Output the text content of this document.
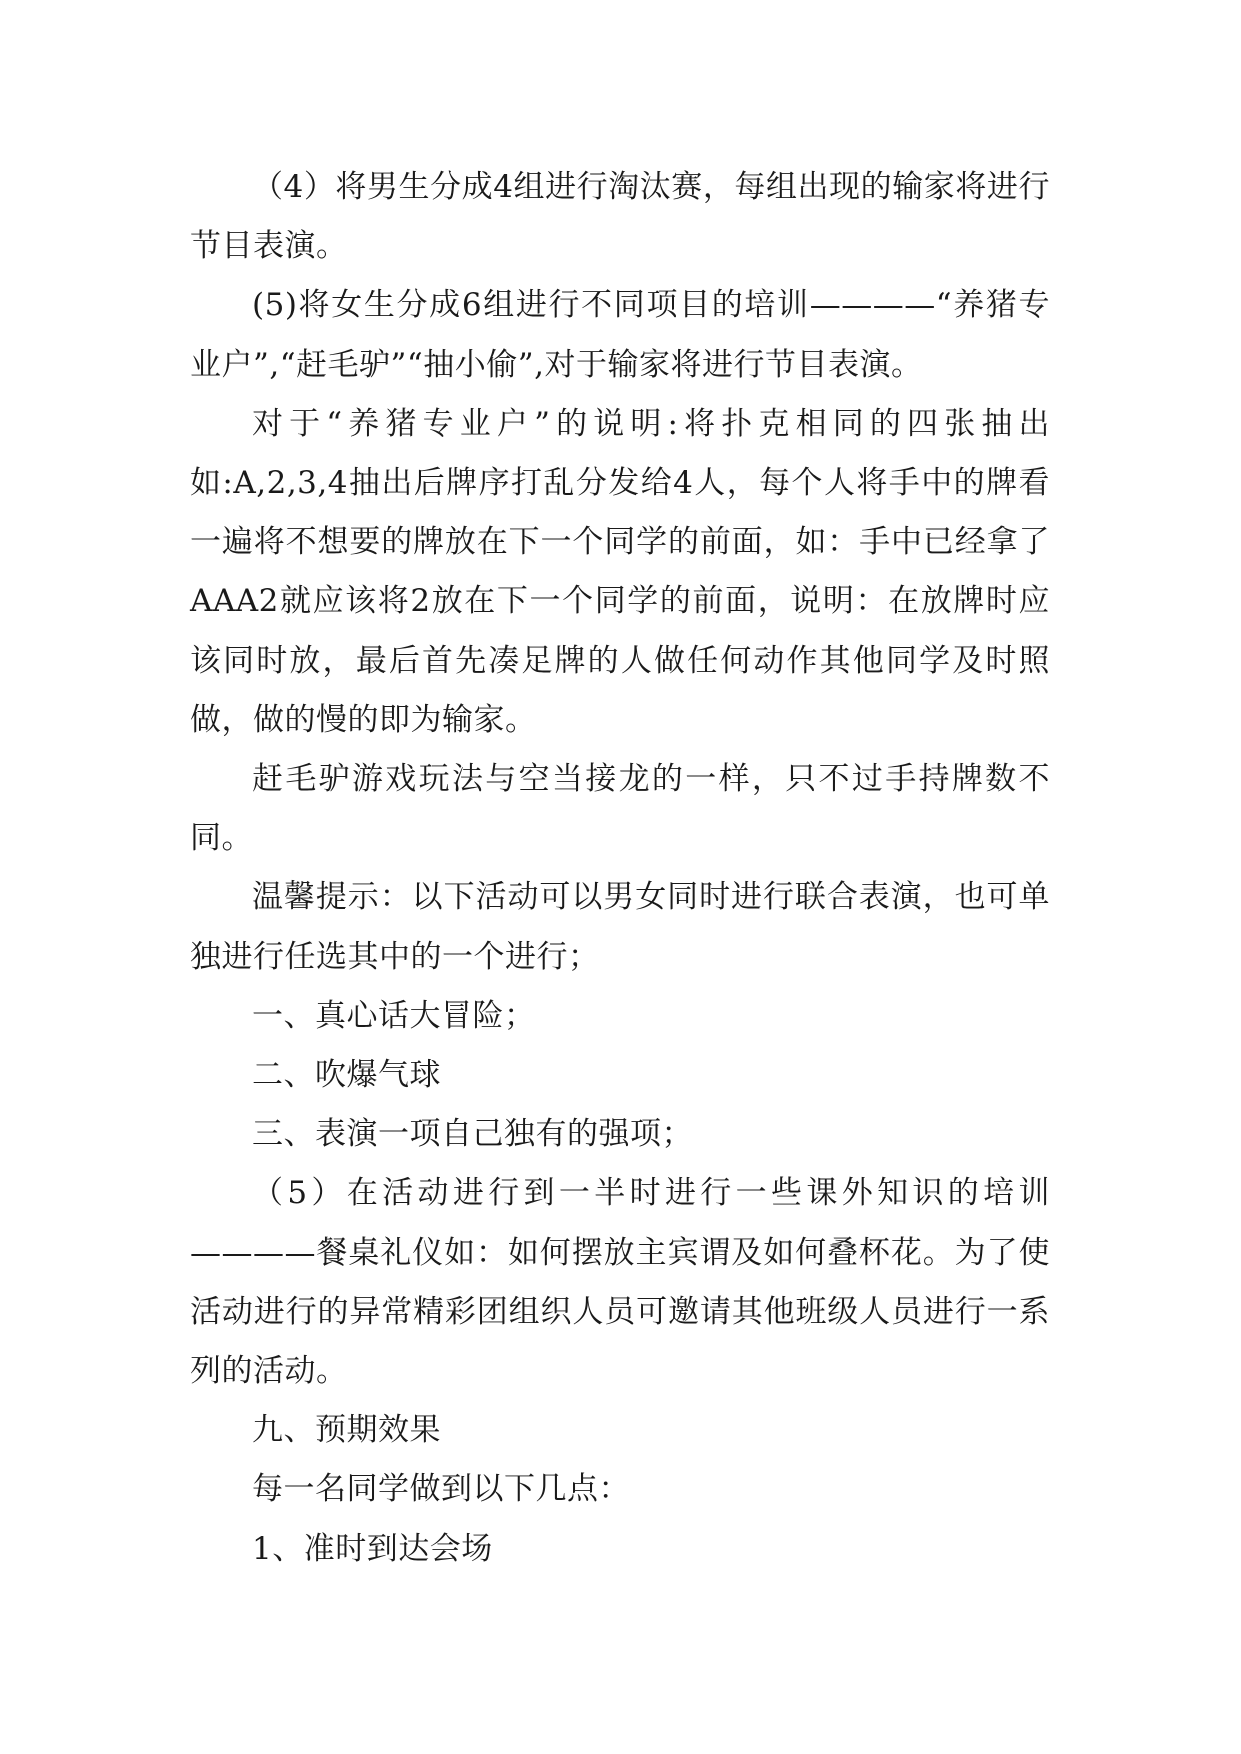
（4）将男生分成4组进行淘汰赛，每组出现的输家将进行节目表演。

(5)将女生分成6组进行不同项目的培训————“养猪专业户”,“赶毛驴”“抽小偷”,对于输家将进行节目表演。

对于“养猪专业户”的说明:将扑克相同的四张抽出如:A,2,3,4抽出后牌序打乱分发给4人，每个人将手中的牌看一遍将不想要的牌放在下一个同学的前面，如：手中已经拿了AAA2就应该将2放在下一个同学的前面，说明：在放牌时应该同时放，最后首先凑足牌的人做任何动作其他同学及时照做，做的慢的即为输家。

赶毛驴游戏玩法与空当接龙的一样，只不过手持牌数不同。

温馨提示：以下活动可以男女同时进行联合表演，也可单独进行任选其中的一个进行；

一、真心话大冒险；

二、吹爆气球

三、表演一项自己独有的强项；

（5）在活动进行到一半时进行一些课外知识的培训————餐桌礼仪如：如何摆放主宾谓及如何叠杯花。为了使活动进行的异常精彩团组织人员可邀请其他班级人员进行一系列的活动。

九、预期效果

每一名同学做到以下几点：

1、准时到达会场
